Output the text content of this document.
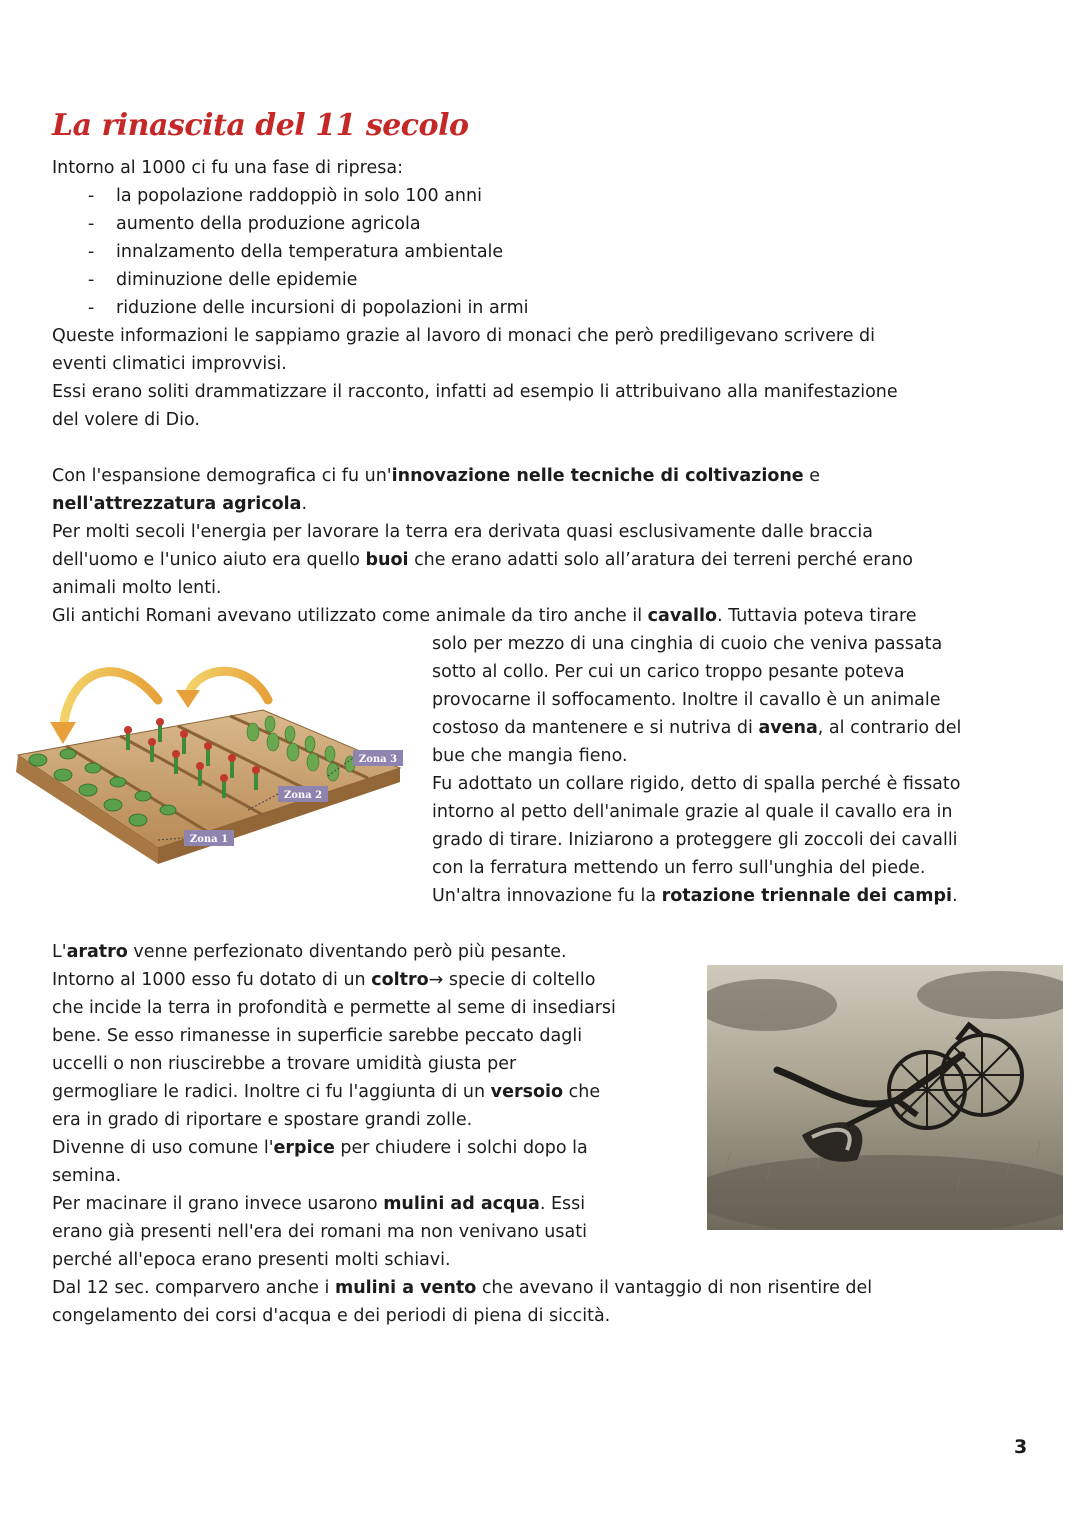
La rinascita del 11 secolo

Intorno al 1000 ci fu una fase di ripresa:

- la popolazione raddoppiò in solo 100 anni
- aumento della produzione agricola
- innalzamento della temperatura ambientale
- diminuzione delle epidemie
- riduzione delle incursioni di popolazioni in armi

Queste informazioni le sappiamo grazie al lavoro di monaci che però prediligevano scrivere di
eventi climatici improvvisi.

Essi erano soliti drammatizzare il racconto, infatti ad esempio li attribuivano alla manifestazione
del volere di Dio.

Con l'espansione demografica ci fu un'innovazione nelle tecniche di coltivazione e
nell'attrezzatura agricola.

Per molti secoli l'energia per lavorare la terra era derivata quasi esclusivamente dalle braccia
dell'uomo e l'unico aiuto era quello buoi che erano adatti solo all’aratura dei terreni perché erano
animali molto lenti.

Gli antichi Romani avevano utilizzato come animale da tiro anche il cavallo. Tuttavia poteva tirare

solo per mezzo di una cinghia di cuoio che veniva passata
sotto al collo. Per cui un carico troppo pesante poteva
provocarne il soffocamento. Inoltre il cavallo è un animale
costoso da mantenere e si nutriva di avena, al contrario del
bue che mangia fieno.
Fu adottato un collare rigido, detto di spalla perché è fissato
intorno al petto dell'animale grazie al quale il cavallo era in
grado di tirare. Iniziarono a proteggere gli zoccoli dei cavalli
con la ferratura mettendo un ferro sull'unghia del piede.
Un'altra innovazione fu la rotazione triennale dei campi.

Zona 1
Zona 2
Zona 3

L'aratro venne perfezionato diventando però più pesante.
Intorno al 1000 esso fu dotato di un coltro→ specie di coltello
che incide la terra in profondità e permette al seme di insediarsi
bene. Se esso rimanesse in superficie sarebbe peccato dagli
uccelli o non riuscirebbe a trovare umidità giusta per
germogliare le radici. Inoltre ci fu l'aggiunta di un versoio che
era in grado di riportare e spostare grandi zolle.
Divenne di uso comune l'erpice per chiudere i solchi dopo la
semina.
Per macinare il grano invece usarono mulini ad acqua. Essi
erano già presenti nell'era dei romani ma non venivano usati
perché all'epoca erano presenti molti schiavi.
Dal 12 sec. comparvero anche i mulini a vento che avevano il vantaggio di non risentire del
congelamento dei corsi d'acqua e dei periodi di piena di siccità.

3
